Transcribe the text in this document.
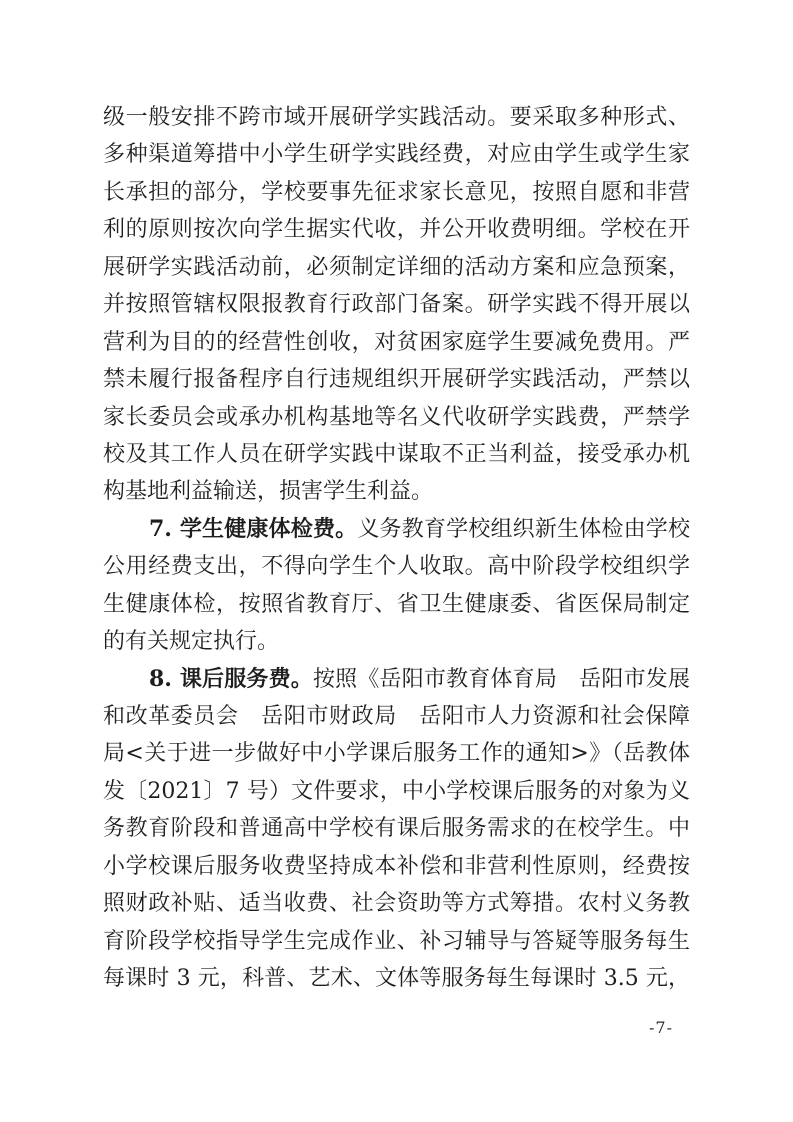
级一般安排不跨市域开展研学实践活动。要采取多种形式、
多种渠道筹措中小学生研学实践经费，对应由学生或学生家
长承担的部分，学校要事先征求家长意见，按照自愿和非营
利的原则按次向学生据实代收，并公开收费明细。学校在开
展研学实践活动前，必须制定详细的活动方案和应急预案，
并按照管辖权限报教育行政部门备案。研学实践不得开展以
营利为目的的经营性创收，对贫困家庭学生要减免费用。严
禁未履行报备程序自行违规组织开展研学实践活动，严禁以
家长委员会或承办机构基地等名义代收研学实践费，严禁学
校及其工作人员在研学实践中谋取不正当利益，接受承办机
构基地利益输送，损害学生利益。
7. 学生健康体检费。义务教育学校组织新生体检由学校
公用经费支出，不得向学生个人收取。高中阶段学校组织学
生健康体检，按照省教育厅、省卫生健康委、省医保局制定
的有关规定执行。
8. 课后服务费。按照《岳阳市教育体育局　岳阳市发展
和改革委员会　岳阳市财政局　岳阳市人力资源和社会保障
局<关于进一步做好中小学课后服务工作的通知>》（岳教体
发〔2021〕7 号）文件要求，中小学校课后服务的对象为义
务教育阶段和普通高中学校有课后服务需求的在校学生。中
小学校课后服务收费坚持成本补偿和非营利性原则，经费按
照财政补贴、适当收费、社会资助等方式筹措。农村义务教
育阶段学校指导学生完成作业、补习辅导与答疑等服务每生
每课时 3 元，科普、艺术、文体等服务每生每课时 3.5 元，
-7-
